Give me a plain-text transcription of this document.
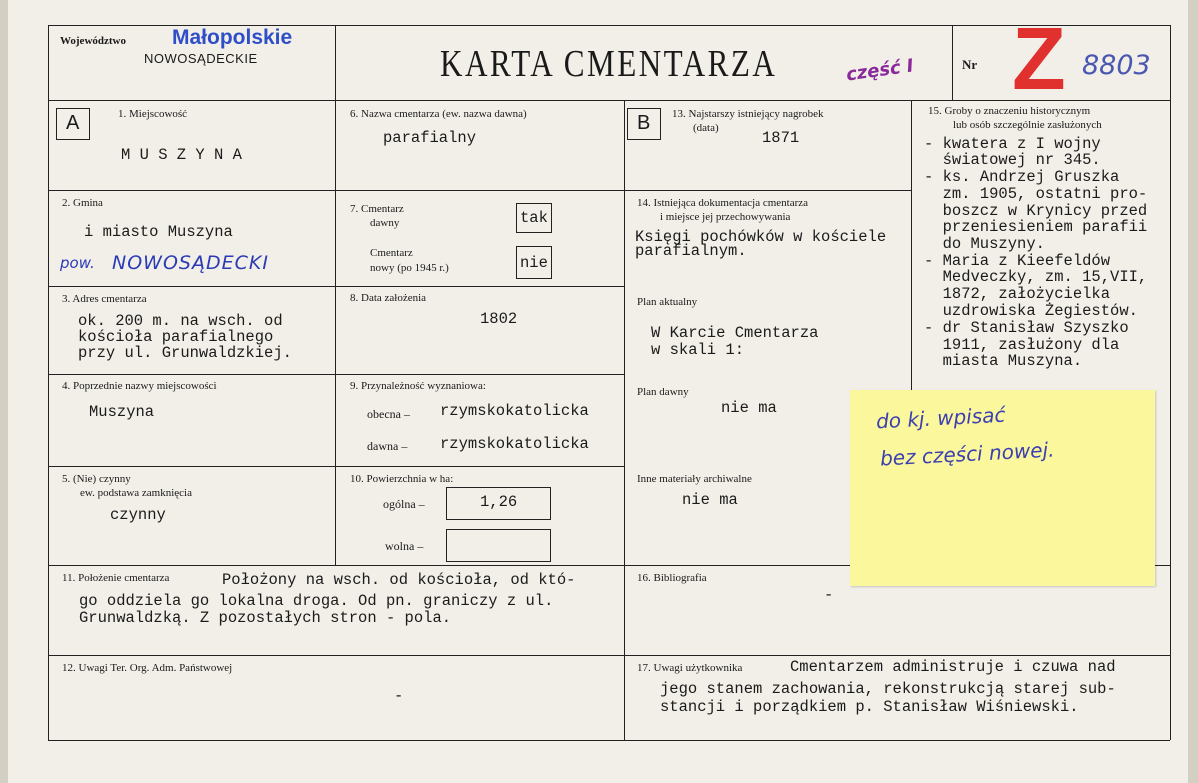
Województwo Małopolskie
NOWOSĄDECKIE	KARTA CMENTARZA	część I	Nr Z 8803
A	1. Miejscowość
M U S Z Y N A
2. Gmina
i miasto Muszyna
pow. NOWOSĄDECKI
3. Adres cmentarza
ok. 200 m. na wsch. od
kościoła parafialnego
przy ul. Grunwaldzkiej.
4. Poprzednie nazwy miejscowości
Muszyna
5. (Nie) czynny
ew. podstawa zamknięcia
czynny
6. Nazwa cmentarza (ew. nazwa dawna)
parafialny
7. Cmentarz
dawny	tak
Cmentarz
nowy (po 1945 r.)	nie
8. Data założenia
1802
9. Przynależność wyznaniowa:
obecna – rzymskokatolicka
dawna – rzymskokatolicka
10. Powierzchnia w ha:
ogólna –	1,26
wolna –
B 13. Najstarszy istniejący nagrobek
(data)
1871
14. Istniejąca dokumentacja cmentarza
i miejsce jej przechowywania
Księgi pochówków w kościele
parafialnym.
Plan aktualny
W Karcie Cmentarza
w skali 1:
Plan dawny
nie ma
Inne materiały archiwalne
nie ma
15. Groby o znaczeniu historycznym
lub osób szczególnie zasłużonych
- kwatera z I wojny
światowej nr 345.
- ks. Andrzej Gruszka
zm. 1905, ostatni pro-
boszcz w Krynicy przed
przeniesieniem parafii
do Muszyny.
- Maria z Kieefeldów
Medveczky, zm. 15,VII,
1872, założycielka
uzdrowiska Żegiestów.
- dr Stanisław Szyszko
1911, zasłużony dla
miasta Muszyna.
do kj. wpisać
bez części nowej.
11. Położenie cmentarza	Położony na wsch. od kościoła, od któ-
go oddziela go lokalna droga. Od pn. graniczy z ul.
Grunwaldzką. Z pozostałych stron - pola.
16. Bibliografia
-
12. Uwagi Ter. Org. Adm. Państwowej
-
17. Uwagi użytkownika	Cmentarzem administruje i czuwa nad
jego stanem zachowania, rekonstrukcją starej sub-
stancji i porządkiem p. Stanisław Wiśniewski.
